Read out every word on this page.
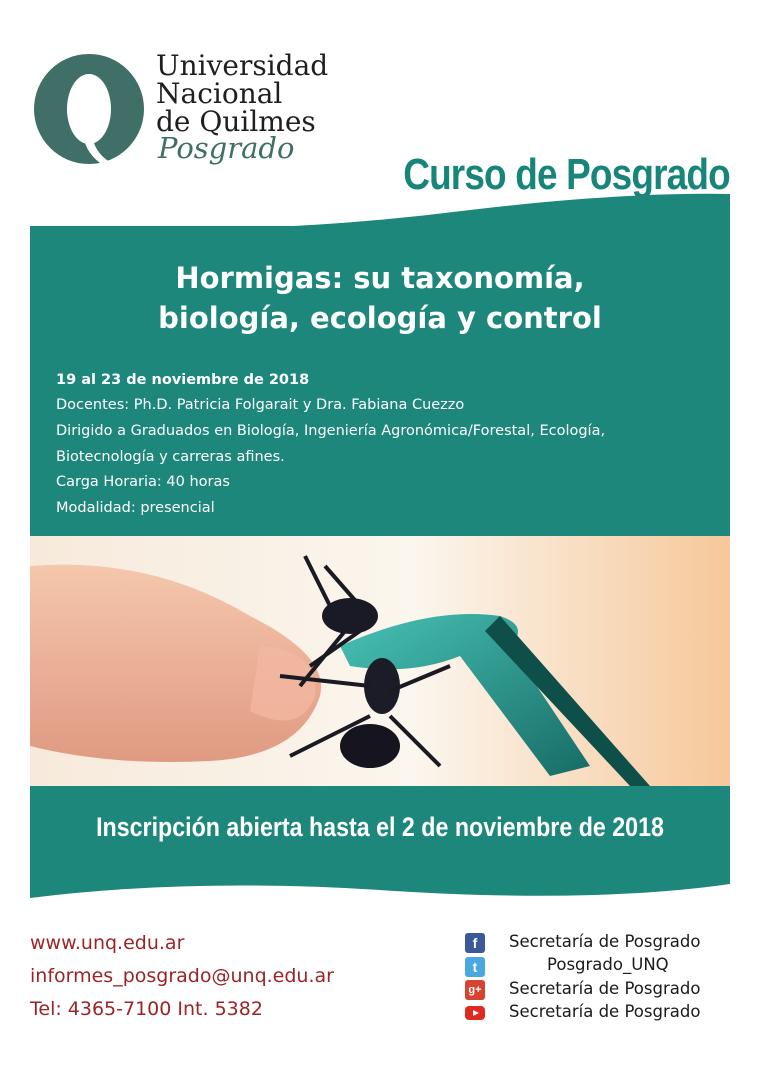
Universidad
Nacional
de Quilmes
Posgrado
Curso de Posgrado
Hormigas: su taxonomía,
biología, ecología y control
19 al 23 de noviembre de 2018
Docentes: Ph.D. Patricia Folgarait y Dra. Fabiana Cuezzo
Dirigido a Graduados en Biología, Ingeniería Agronómica/Forestal, Ecología,
Biotecnología y carreras afines.
Carga Horaria: 40 horas
Modalidad: presencial
Inscripción abierta hasta el 2 de noviembre de 2018
www.unq.edu.ar
informes_posgrado@unq.edu.ar
Tel: 4365-7100 Int. 5382
f
t
g+
Secretaría de Posgrado
Posgrado_UNQ
Secretaría de Posgrado
Secretaría de Posgrado
